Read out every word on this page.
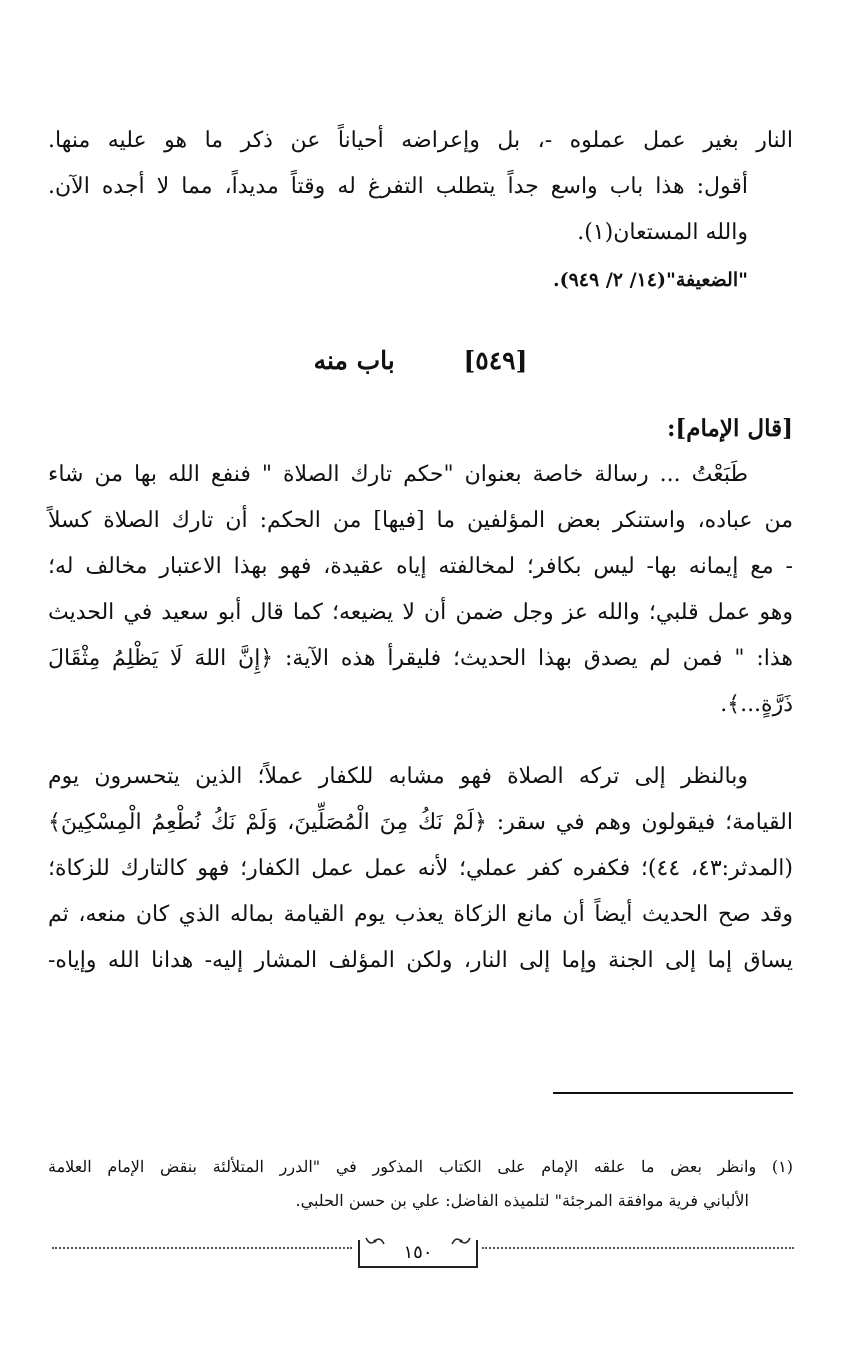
النار بغير عمل عملوه -، بل وإعراضه أحياناً عن ذكر ما هو عليه منها.

أقول: هذا باب واسع جداً يتطلب التفرغ له وقتاً مديداً، مما لا أجده الآن.

والله المستعان(١).

"الضعيفة"(١٤/ ٢/ ٩٤٩).
[٥٤٩] باب منه
[قال الإمام]:

طَبَعْتُ ... رسالة خاصة بعنوان "حكم تارك الصلاة " فنفع الله بها من شاء

من عباده، واستنكر بعض المؤلفين ما [فيها] من الحكم: أن تارك الصلاة كسلاً

- مع إيمانه بها- ليس بكافر؛ لمخالفته إياه عقيدة، فهو بهذا الاعتبار مخالف له؛

وهو عمل قلبي؛ والله عز وجل ضمن أن لا يضيعه؛ كما قال أبو سعيد في الحديث

هذا: " فمن لم يصدق بهذا الحديث؛ فليقرأ هذه الآية: ﴿إِنَّ اللهَ لَا يَظْلِمُ مِثْقَالَ

ذَرَّةٍ...﴾.

وبالنظر إلى تركه الصلاة فهو مشابه للكفار عملاً؛ الذين يتحسرون يوم

القيامة؛ فيقولون وهم في سقر: ﴿لَمْ نَكُ مِنَ الْمُصَلِّينَ، وَلَمْ نَكُ نُطْعِمُ الْمِسْكِينَ﴾

(المدثر:٤٣، ٤٤)؛ فكفره كفر عملي؛ لأنه عمل عمل الكفار؛ فهو كالتارك للزكاة؛

وقد صح الحديث أيضاً أن مانع الزكاة يعذب يوم القيامة بماله الذي كان منعه، ثم

يساق إما إلى الجنة وإما إلى النار، ولكن المؤلف المشار إليه- هدانا الله وإياه-

(١) وانظر بعض ما علقه الإمام على الكتاب المذكور في "الدرر المتلألئة بنقض الإمام العلامة

الألباني فرية موافقة المرجئة" لتلميذه الفاضل: علي بن حسن الحلبي.

١٥٠
